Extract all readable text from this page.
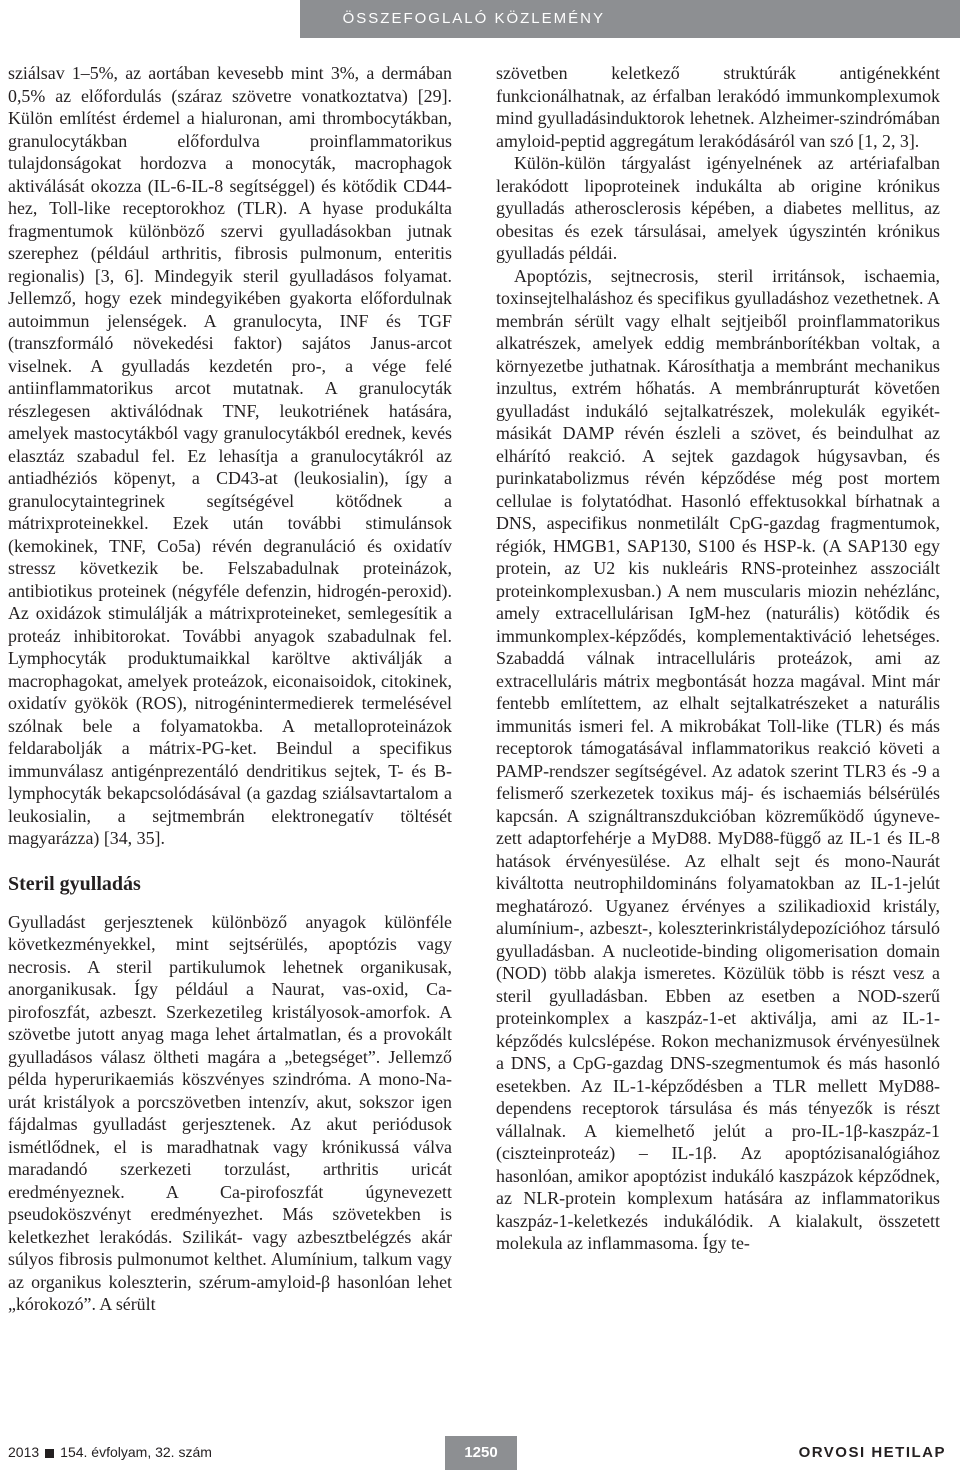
ÖSSZEFOGLALÓ KÖZLEMÉNY

sziálsav 1–5%, az aortában kevesebb mint 3%, a dermában 0,5% az előfordulás (száraz szövetre vonatkoztatva) [29]. Külön említést érdemel a hialuronan, ami thrombocytákban, granulocytákban előfordulva proinflammatorikus tulajdonságokat hordozva a monocyták, macrophagok aktiválását okozza (IL-6-IL-8 segítséggel) és kötődik CD44-hez, Toll-like receptorokhoz (TLR). A hyase produkálta fragmentumok különböző szervi gyulladásokban jutnak szerephez (például arthritis, fibrosis pulmonum, enteritis regionalis) [3, 6]. Mindegyik steril gyulladásos folyamat. Jellemző, hogy ezek mindegyikében gyakorta előfordulnak autoimmun jelenségek. A granulocyta, INF és TGF (transzformáló növekedési faktor) sajátos Janus-arcot viselnek. A gyulladás kezdetén pro-, a vége felé antiinflammatorikus arcot mutatnak. A granulocyták részlegesen aktiválódnak TNF, leukotriének hatására, amelyek mastocytákból vagy granulocytákból erednek, kevés elasztáz szabadul fel. Ez lehasítja a granulocytákról az antiadhéziós köpenyt, a CD43-at (leukosialin), így a granulocytaintegrinek segítségével kötődnek a mátrixproteinekkel. Ezek után további stimulánsok (kemokinek, TNF, Co5a) révén degranuláció és oxidatív stressz következik be. Felszabadulnak proteinázok, antibiotikus proteinek (négyféle defenzin, hidrogén-peroxid). Az oxidázok stimulálják a mátrixproteineket, semlegesítik a proteáz inhibitorokat. További anyagok szabadulnak fel. Lymphocyták produktumaikkal karöltve aktiválják a macrophagokat, amelyek proteázok, eiconaisoidok, citokinek, oxidatív gyökök (ROS), nitrogénintermedierek termelésével szólnak bele a folyamatokba. A metalloproteinázok feldarabolják a mátrix-PG-ket. Beindul a specifikus immunválasz antigénprezentáló dendritikus sejtek, T- és B-lymphocyták bekapcsolódásával (a gazdag sziálsavtartalom a leukosialin, a sejtmembrán elektronegatív töltését magyarázza) [34, 35].

Steril gyulladás

Gyulladást gerjesztenek különböző anyagok különféle következményekkel, mint sejtsérülés, apoptózis vagy necrosis. A steril partikulumok lehetnek organikusak, anorganikusak. Így például a Naurat, vas-oxid, Ca-pirofoszfát, azbeszt. Szerkezetileg kristályosok-amorfok. A szövetbe jutott anyag maga lehet ártalmatlan, és a provokált gyulladásos válasz öltheti magára a „betegséget”. Jellemző példa hyperurikaemiás köszvényes szindróma. A mono-Na-urát kristályok a porcszövetben intenzív, akut, sokszor igen fájdalmas gyulladást gerjesztenek. Az akut periódusok ismétlődnek, el is maradhatnak vagy krónikussá válva maradandó szerkezeti torzulást, arthritis uricát eredményeznek. A Ca-pirofoszfát úgynevezett pseudoköszvényt eredményezhet. Más szövetekben is keletkezhet lerakódás. Szilikát- vagy azbesztbelégzés akár súlyos fibrosis pulmonumot kelthet. Alumínium, talkum vagy az organikus koleszterin, szérum-amyloid-β hasonlóan lehet „kórokozó”. A sérült

szövetben keletkező struktúrák antigénekként funkcionálhatnak, az érfalban lerakódó immunkomplexumok mind gyulladásinduktorok lehetnek. Alzheimer-szindrómában amyloid-peptid aggregátum lerakódásáról van szó [1, 2, 3].

Külön-külön tárgyalást igényelnének az artériafalban lerakódott lipoproteinek indukálta ab origine krónikus gyulladás atherosclerosis képében, a diabetes mellitus, az obesitas és ezek társulásai, amelyek úgyszintén krónikus gyulladás példái.

Apoptózis, sejtnecrosis, steril irritánsok, ischaemia, toxinsejtelhaláshoz és specifikus gyulladáshoz vezethetnek. A membrán sérült vagy elhalt sejtjeiből proinflammatorikus alkatrészek, amelyek eddig membránborítékban voltak, a környezetbe juthatnak. Károsíthatja a membránt mechanikus inzultus, extrém hőhatás. A membránrupturát követően gyulladást indukáló sejtalkatrészek, molekulák egyikét-másikát DAMP révén észleli a szövet, és beindulhat az elhárító reakció. A sejtek gazdagok húgysavban, és purinkatabolizmus révén képződése még post mortem cellulae is folytatódhat. Hasonló effektusokkal bírhatnak a DNS, aspecifikus nonmetilált CpG-gazdag fragmentumok, régiók, HMGB1, SAP130, S100 és HSP-k. (A SAP130 egy protein, az U2 kis nukleáris RNS-proteinhez asszociált proteinkomplexusban.) A nem muscularis miozin nehézlánc, amely extracellulárisan IgM-hez (naturális) kötődik és immunkomplex-képződés, komplementaktiváció lehetséges. Szabaddá válnak intracelluláris proteázok, ami az extracelluláris mátrix megbontását hozza magával. Mint már fentebb említettem, az elhalt sejtalkatrészeket a naturális immunitás ismeri fel. A mikrobákat Toll-like (TLR) és más receptorok támogatásával inflammatorikus reakció követi a PAMP-rendszer segítségével. Az adatok szerint TLR3 és -9 a felismerő szerkezetek toxikus máj- és ischaemiás bélsérülés kapcsán. A szignáltranszdukcióban közreműködő úgyneve-zett adaptorfehérje a MyD88. MyD88-függő az IL-1 és IL-8 hatások érvényesülése. Az elhalt sejt és mono-Naurát kiváltotta neutrophildomináns folyamatokban az IL-1-jelút meghatározó. Ugyanez érvényes a szilikadioxid kristály, alumínium-, azbeszt-, koleszterinkristálydepozícióhoz társuló gyulladásban. A nucleotide-binding oligomerisation domain (NOD) több alakja ismeretes. Közülük több is részt vesz a steril gyulladásban. Ebben az esetben a NOD-szerű proteinkomplex a kaszpáz-1-et aktiválja, ami az IL-1-képződés kulcslépése. Rokon mechanizmusok érvényesülnek a DNS, a CpG-gazdag DNS-szegmentumok és más hasonló esetekben. Az IL-1-képződésben a TLR mellett MyD88-dependens receptorok társulása és más tényezők is részt vállalnak. A kiemelhető jelút a pro-IL-1β-kaszpáz-1 (ciszteinproteáz) – IL-1β. Az apoptózisanalógiához hasonlóan, amikor apoptózist indukáló kaszpázok képződnek, az NLR-protein komplexum hatására az inflammatorikus kaszpáz-1-keletkezés indukálódik. A kialakult, összetett molekula az inflammasoma. Így te-

2013 154. évfolyam, 32. szám	1250	ORVOSI HETILAP
